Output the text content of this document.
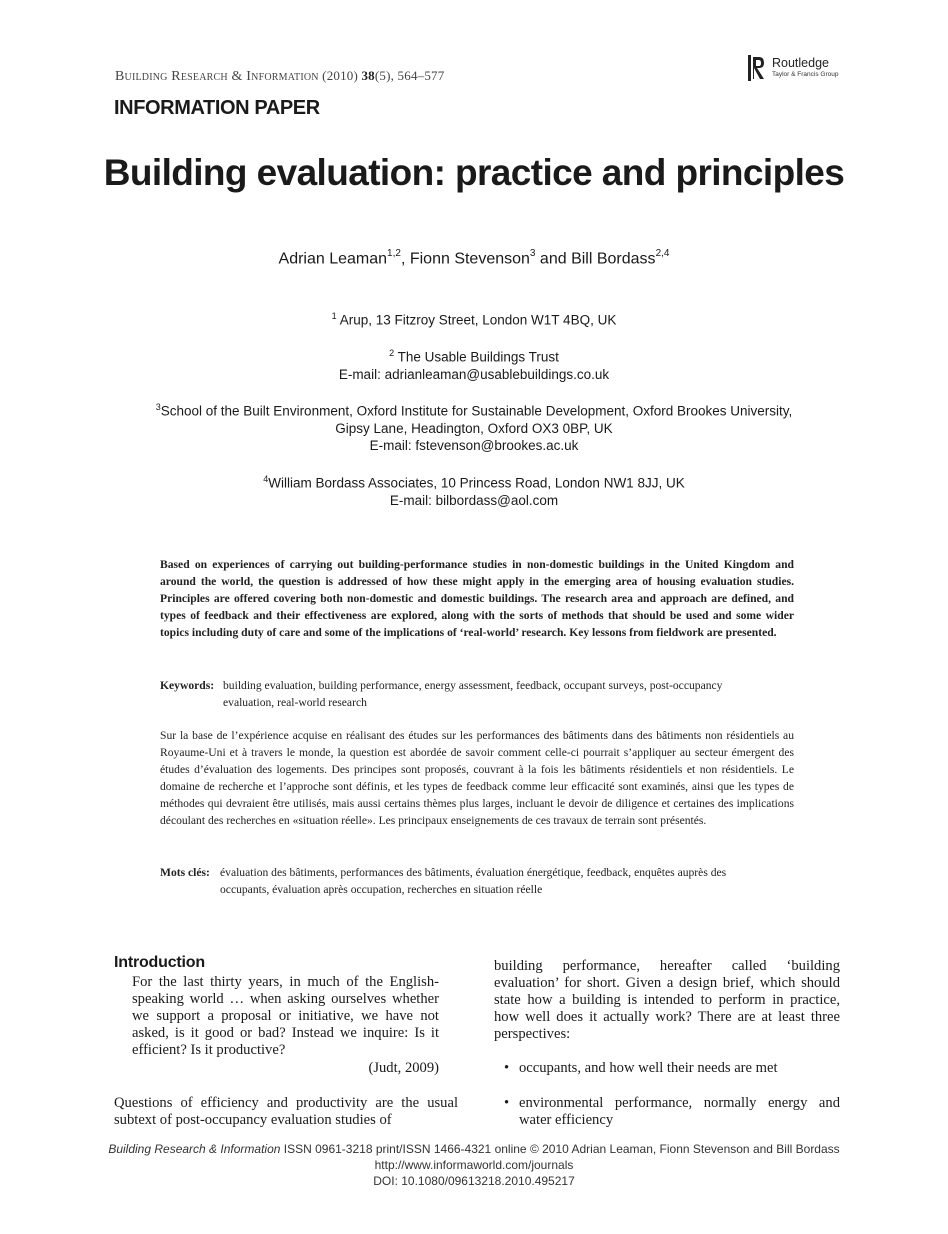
Building Research & Information (2010) 38(5), 564–577
Routledge
Taylor & Francis Group
INFORMATION PAPER
Building evaluation: practice and principles
Adrian Leaman$^{1,2}$, Fionn Stevenson$^3$ and Bill Bordass$^{2,4}$
$^1$ Arup, 13 Fitzroy Street, London W1T 4BQ, UK
$^2$ The Usable Buildings Trust
E-mail: adrianleaman@usablebuildings.co.uk
$^3$School of the Built Environment, Oxford Institute for Sustainable Development, Oxford Brookes University,
Gipsy Lane, Headington, Oxford OX3 0BP, UK
E-mail: fstevenson@brookes.ac.uk
$^4$William Bordass Associates, 10 Princess Road, London NW1 8JJ, UK
E-mail: bilbordass@aol.com
Based on experiences of carrying out building-performance studies in non-domestic buildings in the United Kingdom and around the world, the question is addressed of how these might apply in the emerging area of housing evaluation studies. Principles are offered covering both non-domestic and domestic buildings. The research area and approach are defined, and types of feedback and their effectiveness are explored, along with the sorts of methods that should be used and some wider topics including duty of care and some of the implications of ‘real-world’ research. Key lessons from fieldwork are presented.
Keywords: building evaluation, building performance, energy assessment, feedback, occupant surveys, post-occupancy
evaluation, real-world research
Sur la base de l’expérience acquise en réalisant des études sur les performances des bâtiments dans des bâtiments non résidentiels au Royaume-Uni et à travers le monde, la question est abordée de savoir comment celle-ci pourrait s’appliquer au secteur émergent des études d’évaluation des logements. Des principes sont proposés, couvrant à la fois les bâtiments résidentiels et non résidentiels. Le domaine de recherche et l’approche sont définis, et les types de feedback comme leur efficacité sont examinés, ainsi que les types de méthodes qui devraient être utilisés, mais aussi certains thèmes plus larges, incluant le devoir de diligence et certaines des implications découlant des recherches en «situation réelle». Les principaux enseignements de ces travaux de terrain sont présentés.
Mots clés: évaluation des bâtiments, performances des bâtiments, évaluation énergétique, feedback, enquêtes auprès des
occupants, évaluation après occupation, recherches en situation réelle
Introduction
For the last thirty years, in much of the English-speaking world … when asking ourselves whether we support a proposal or initiative, we have not asked, is it good or bad? Instead we inquire: Is it efficient? Is it productive?
(Judt, 2009)
Questions of efficiency and productivity are the usual subtext of post-occupancy evaluation studies of
building performance, hereafter called ‘building evaluation’ for short. Given a design brief, which should state how a building is intended to perform in practice, how well does it actually work? There are at least three perspectives:
• occupants, and how well their needs are met
• environmental performance, normally energy and water efficiency
Building Research & Information ISSN 0961-3218 print/ISSN 1466-4321 online © 2010 Adrian Leaman, Fionn Stevenson and Bill Bordass
http://www.informaworld.com/journals
DOI: 10.1080/09613218.2010.495217
